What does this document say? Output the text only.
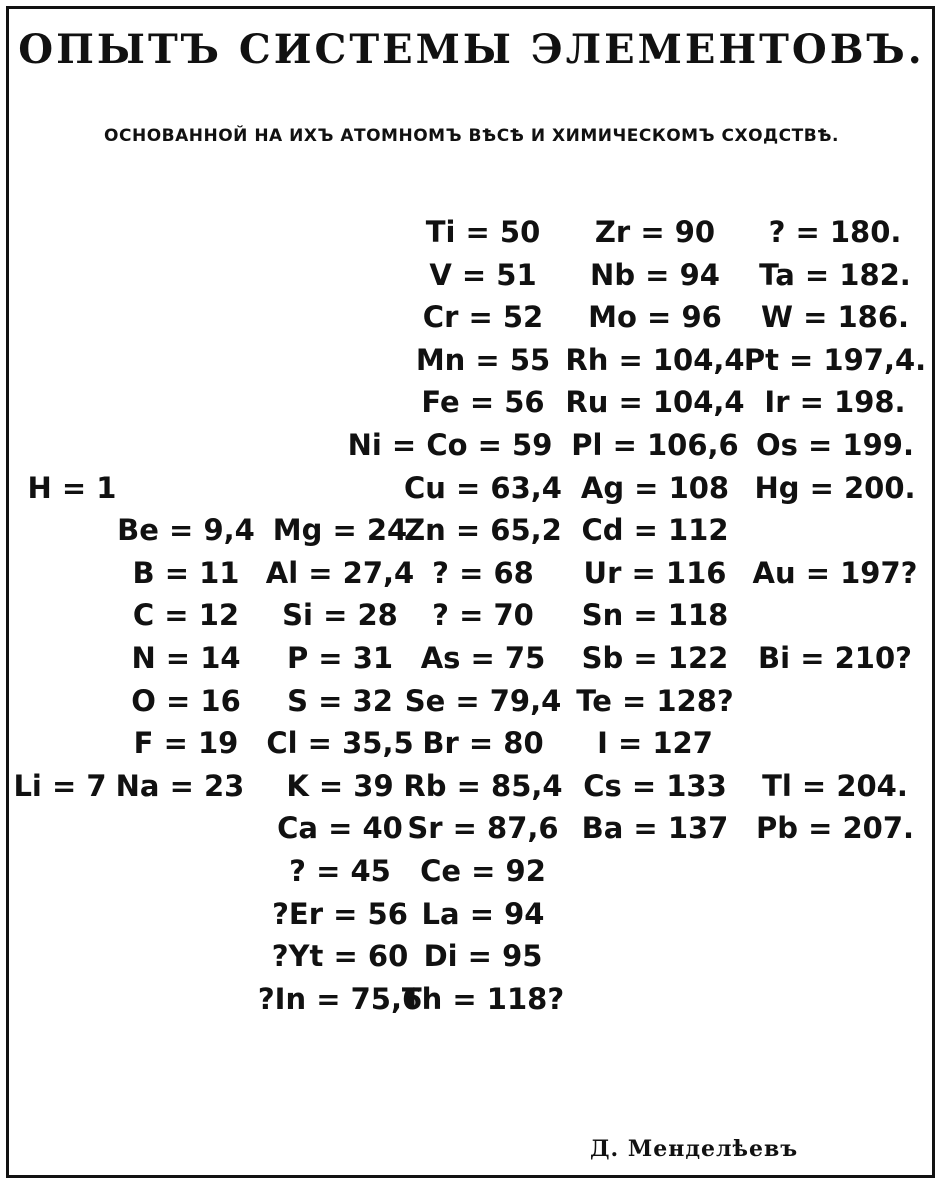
ОПЫТЪ СИСТЕМЫ ЭЛЕМЕНТОВЪ.
ОСНОВАННОЙ НА ИХЪ АТОМНОМЪ ВѢСѢ И ХИМИЧЕСКОМЪ СХОДСТВѢ.
Ti = 50 Zr = 90 ? = 180.
V = 51 Nb = 94 Ta = 182.
Cr = 52 Mo = 96 W = 186.
Mn = 55 Rh = 104,4 Pt = 197,4.
Fe = 56 Ru = 104,4 Ir = 198.
Ni = Co = 59 Pl = 106,6 Os = 199.
H = 1	Cu = 63,4 Ag = 108 Hg = 200.
Be = 9,4 Mg = 24
Zn = 65,2 Cd = 112
B = 11 Al = 27,4 ? = 68 Ur = 116 Au = 197?
C = 12 Si = 28 ? = 70 Sn = 118
N = 14 P = 31 As = 75 Sb = 122 Bi = 210?
O = 16 S = 32 Se = 79,4 Te = 128?
F = 19 Cl = 35,5 Br = 80 I = 127
Li = 7 Na = 23 K = 39 Rb = 85,4 Cs = 133 Tl = 204.
Ca = 40 Sr = 87,6 Ba = 137 Pb = 207.
? = 45 Ce = 92
?Er = 56 La = 94
?Yt = 60 Di = 95
?In = 75,6
Th = 118?
Д. Менделѣевъ
